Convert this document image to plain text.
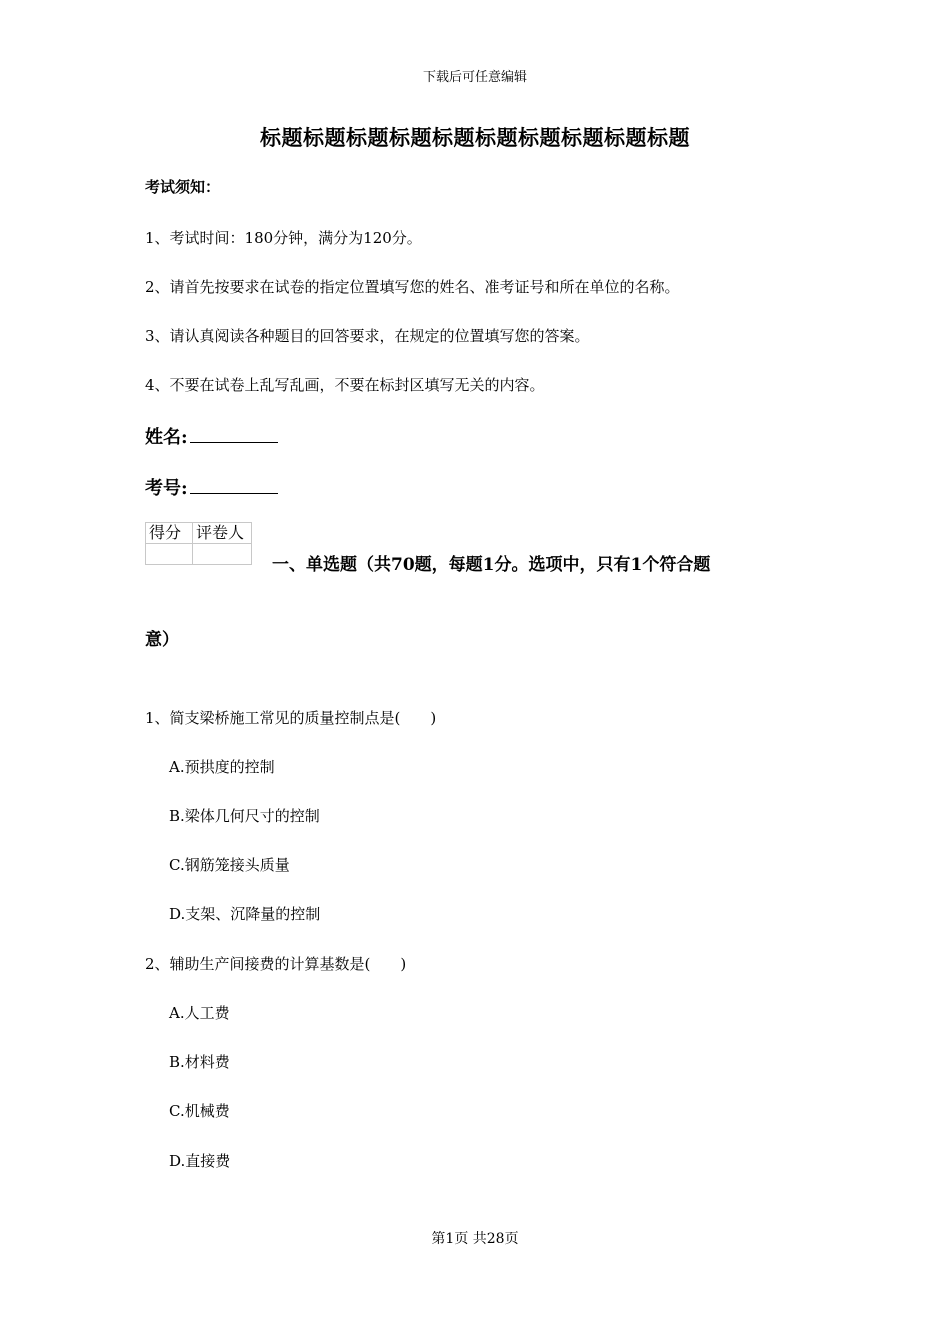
下载后可任意编辑
标题标题标题标题标题标题标题标题标题标题
考试须知：
1、考试时间：180分钟，满分为120分。
2、请首先按要求在试卷的指定位置填写您的姓名、准考证号和所在单位的名称。
3、请认真阅读各种题目的回答要求，在规定的位置填写您的答案。
4、不要在试卷上乱写乱画，不要在标封区填写无关的内容。
姓名:
考号:
得分	评卷人

一、单选题（共70题，每题1分。选项中，只有1个符合题
意）
1、简支梁桥施工常见的质量控制点是(　　)
A.预拱度的控制
B.梁体几何尺寸的控制
C.钢筋笼接头质量
D.支架、沉降量的控制
2、辅助生产间接费的计算基数是(　　)
A.人工费
B.材料费
C.机械费
D.直接费
第1页 共28页
